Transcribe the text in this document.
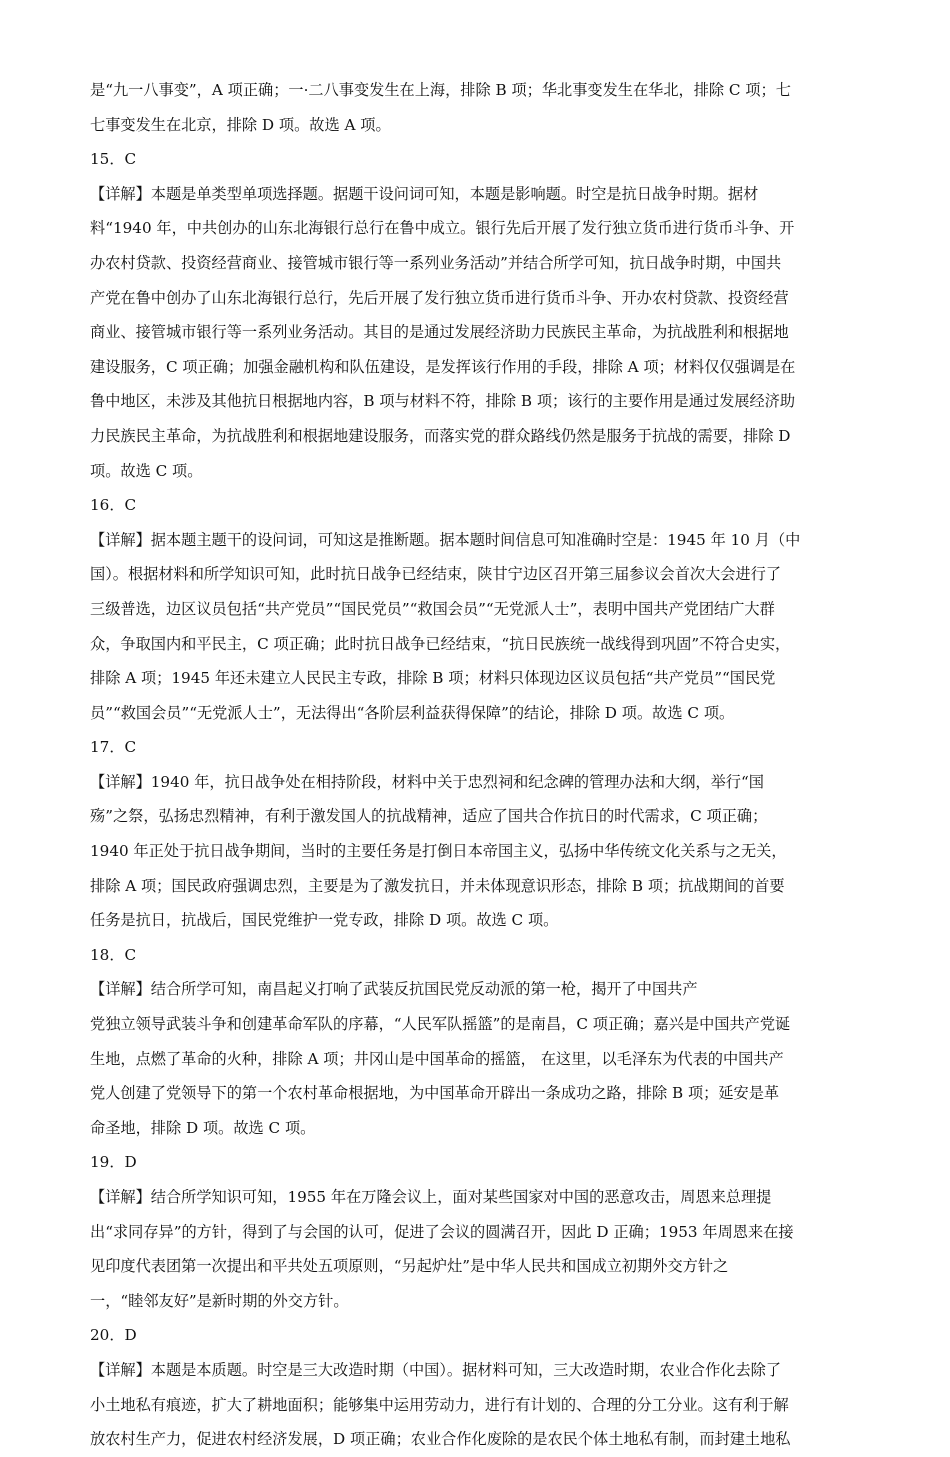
是“九一八事变”，A 项正确；一·二八事变发生在上海，排除 B 项；华北事变发生在华北，排除 C 项；七
七事变发生在北京，排除 D 项。故选 A 项。
15．C
【详解】本题是单类型单项选择题。据题干设问词可知，本题是影响题。时空是抗日战争时期。据材
料“1940 年，中共创办的山东北海银行总行在鲁中成立。银行先后开展了发行独立货币进行货币斗争、开
办农村贷款、投资经营商业、接管城市银行等一系列业务活动”并结合所学可知，抗日战争时期，中国共
产党在鲁中创办了山东北海银行总行，先后开展了发行独立货币进行货币斗争、开办农村贷款、投资经营
商业、接管城市银行等一系列业务活动。其目的是通过发展经济助力民族民主革命，为抗战胜利和根据地
建设服务，C 项正确；加强金融机构和队伍建设，是发挥该行作用的手段，排除 A 项；材料仅仅强调是在
鲁中地区，未涉及其他抗日根据地内容，B 项与材料不符，排除 B 项；该行的主要作用是通过发展经济助
力民族民主革命，为抗战胜利和根据地建设服务，而落实党的群众路线仍然是服务于抗战的需要，排除 D
项。故选 C 项。
16．C
【详解】据本题主题干的设问词，可知这是推断题。据本题时间信息可知准确时空是：1945 年 10 月（中
国）。根据材料和所学知识可知，此时抗日战争已经结束，陕甘宁边区召开第三届参议会首次大会进行了
三级普选，边区议员包括“共产党员”“国民党员”“救国会员”“无党派人士”，表明中国共产党团结广大群
众，争取国内和平民主，C 项正确；此时抗日战争已经结束，“抗日民族统一战线得到巩固”不符合史实，
排除 A 项；1945 年还未建立人民民主专政，排除 B 项；材料只体现边区议员包括“共产党员”“国民党
员”“救国会员”“无党派人士”，无法得出“各阶层利益获得保障”的结论，排除 D 项。故选 C 项。
17．C
【详解】1940 年，抗日战争处在相持阶段，材料中关于忠烈祠和纪念碑的管理办法和大纲，举行“国
殇”之祭，弘扬忠烈精神，有利于激发国人的抗战精神，适应了国共合作抗日的时代需求，C 项正确；
1940 年正处于抗日战争期间，当时的主要任务是打倒日本帝国主义，弘扬中华传统文化关系与之无关，
排除 A 项；国民政府强调忠烈，主要是为了激发抗日，并未体现意识形态，排除 B 项；抗战期间的首要
任务是抗日，抗战后，国民党维护一党专政，排除 D 项。故选 C 项。
18．C
【详解】结合所学可知，南昌起义打响了武装反抗国民党反动派的第一枪，揭开了中国共产
党独立领导武装斗争和创建革命军队的序幕，“人民军队摇篮”的是南昌，C 项正确；嘉兴是中国共产党诞
生地，点燃了革命的火种，排除 A 项；井冈山是中国革命的摇篮， 在这里，以毛泽东为代表的中国共产
党人创建了党领导下的第一个农村革命根据地，为中国革命开辟出一条成功之路，排除 B 项；延安是革
命圣地，排除 D 项。故选 C 项。
19．D
【详解】结合所学知识可知，1955 年在万隆会议上，面对某些国家对中国的恶意攻击，周恩来总理提
出“求同存异”的方针，得到了与会国的认可，促进了会议的圆满召开，因此 D 正确；1953 年周恩来在接
见印度代表团第一次提出和平共处五项原则，“另起炉灶”是中华人民共和国成立初期外交方针之
一，“睦邻友好”是新时期的外交方针。
20．D
【详解】本题是本质题。时空是三大改造时期（中国）。据材料可知，三大改造时期，农业合作化去除了
小土地私有痕迹，扩大了耕地面积；能够集中运用劳动力，进行有计划的、合理的分工分业。这有利于解
放农村生产力，促进农村经济发展，D 项正确；农业合作化废除的是农民个体土地私有制，而封建土地私
